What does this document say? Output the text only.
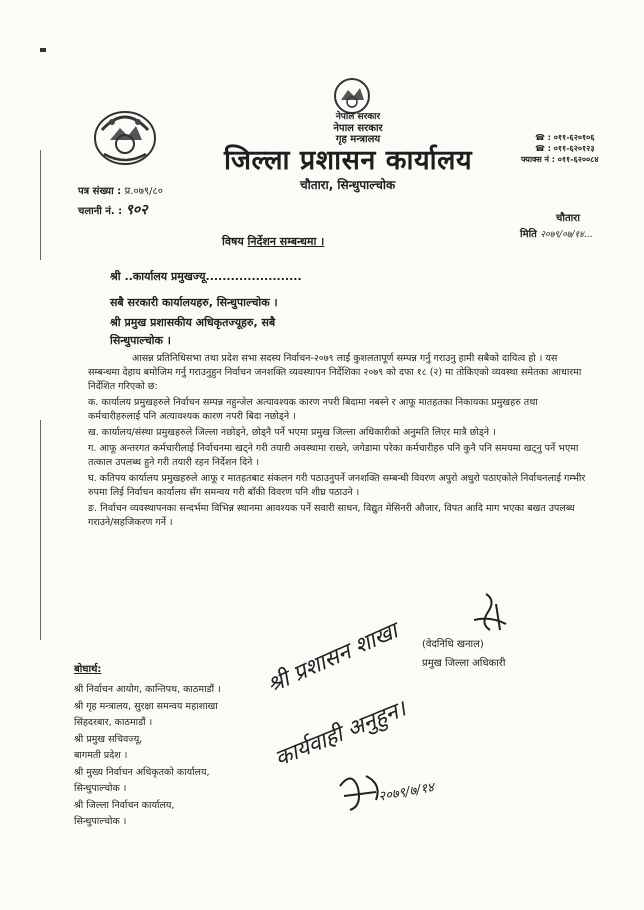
नेपाल सरकार
नेपाल सरकार
गृह मन्त्रालय
जिल्ला प्रशासन कार्यालय
चौतारा, सिन्धुपाल्चोक
☎ : ०११-६२०१०६
☎ : ०११-६२०१२३
फ्याक्स नं : ०११-६२००८४
पत्र संख्या : प्र.०७९/८०
चलानी नं. : ९०२
चौतारा
मिति २०७९/०७/१४...
विषय निर्देशन सम्बन्धमा ।
श्री ..कार्यालय प्रमुखज्यू.......................
सबै सरकारी कार्यालयहरु, सिन्धुपाल्चोक ।
श्री प्रमुख प्रशासकीय अधिकृतज्यूहरु, सबै
सिन्धुपाल्चोक ।

आसन्न प्रतिनिधिसभा तथा प्रदेश सभा सदस्य निर्वाचन-२०७९ लाई कुशलतापूर्ण सम्पन्न गर्नु गराउनु हामी सबैको दायित्व हो । यस सम्बन्धमा देहाय बमोजिम गर्नु गराउनुहुन निर्वाचन जनशक्ति व्यवस्थापन निर्देशिका २०७९ को दफा १८ (२) मा तोकिएको व्यवस्था समेतका आधारमा निर्देशित गरिएको छ:

क. कार्यालय प्रमुखहरुले निर्वाचन सम्पन्न नहुन्जेल अत्यावश्यक कारण नपरी बिदामा नबस्ने र आफू मातहतका निकायका प्रमुखहरु तथा कर्मचारीहरुलाई पनि अत्यावश्यक कारण नपरी बिदा नछोड्ने ।

ख. कार्यालय/संस्था प्रमुखहरुले जिल्ला नछोड्ने, छोड्नै पर्ने भएमा प्रमुख जिल्ला अधिकारीको अनुमति लिएर मात्रै छोड्ने ।

ग. आफू अन्तरगत कर्मचारीलाई निर्वाचनमा खट्ने गरी तयारी अवस्थामा राख्ने, जगेडामा परेका कर्मचारीहरु पनि कुनै पनि समयमा खट्नु पर्ने भएमा तत्काल उपलब्ध हुने गरी तयारी रहन निर्देशन दिने ।

घ. कतिपय कार्यालय प्रमुखहरुले आफू र मातहतबाट संकलन गरी पठाउनुपर्ने जनशक्ति सम्बन्धी विवरण अपुरो अधुरो पठाएकोले निर्वाचनलाई गम्भीर रुपमा लिई निर्वाचन कार्यालय सँग समन्वय गरी बाँकी विवरण पनि शीघ्र पठाउने ।

ङ. निर्वाचन व्यवस्थापनका सन्दर्भमा विभिन्न स्थानमा आवश्यक पर्ने सवारी साधन, विद्युत मेसिनरी औजार, विपत आदि माग भएका बखत उपलब्ध गराउने/सहजिकरण गर्ने ।

(वेदनिधि खनाल)
प्रमुख जिल्ला अधिकारी
बोधार्थ:
श्री निर्वाचन आयोग, कान्तिपथ, काठमाडौं ।
श्री गृह मन्त्रालय, सुरक्षा समन्वय महाशाखा
सिंहदरबार, काठमाडौं ।
श्री प्रमुख सचिवज्यू,
बागमती प्रदेश ।
श्री मुख्य निर्वाचन अधिकृतको कार्यालय,
सिन्धुपाल्चोक ।
श्री जिल्ला निर्वाचन कार्यालय,
सिन्धुपाल्चोक ।
श्री प्रशासन शाखा
कार्यवाही अनुहुन।
२०७९/७/१४
